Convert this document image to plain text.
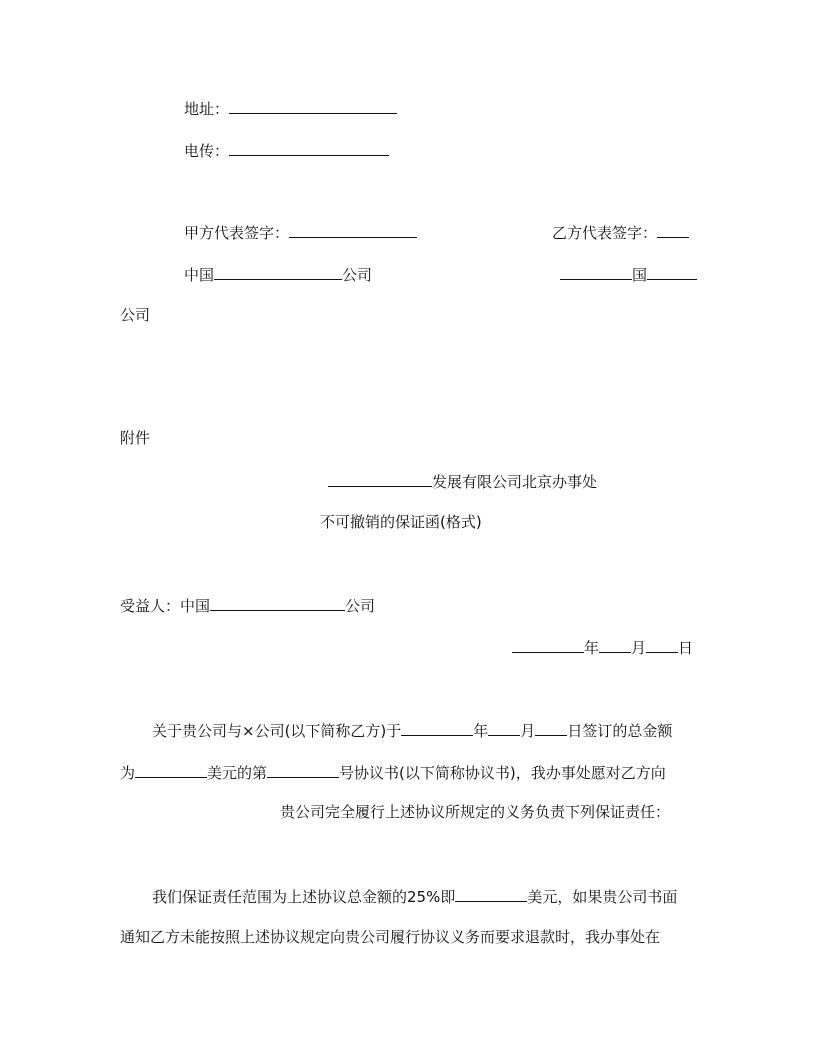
地址：
电传：
甲方代表签字：	乙方代表签字：
中国	公司	国
公司
附件
发展有限公司北京办事处
不可撤销的保证函(格式)
受益人：中国	公司
年 月 日
关于贵公司与×公司(以下简称乙方)于	年 月 日签订的总金额
为	美元的第	号协议书(以下简称协议书)，我办事处愿对乙方向
贵公司完全履行上述协议所规定的义务负责下列保证责任：
我们保证责任范围为上述协议总金额的25%即	美元，如果贵公司书面
通知乙方未能按照上述协议规定向贵公司履行协议义务而要求退款时，我办事处在
